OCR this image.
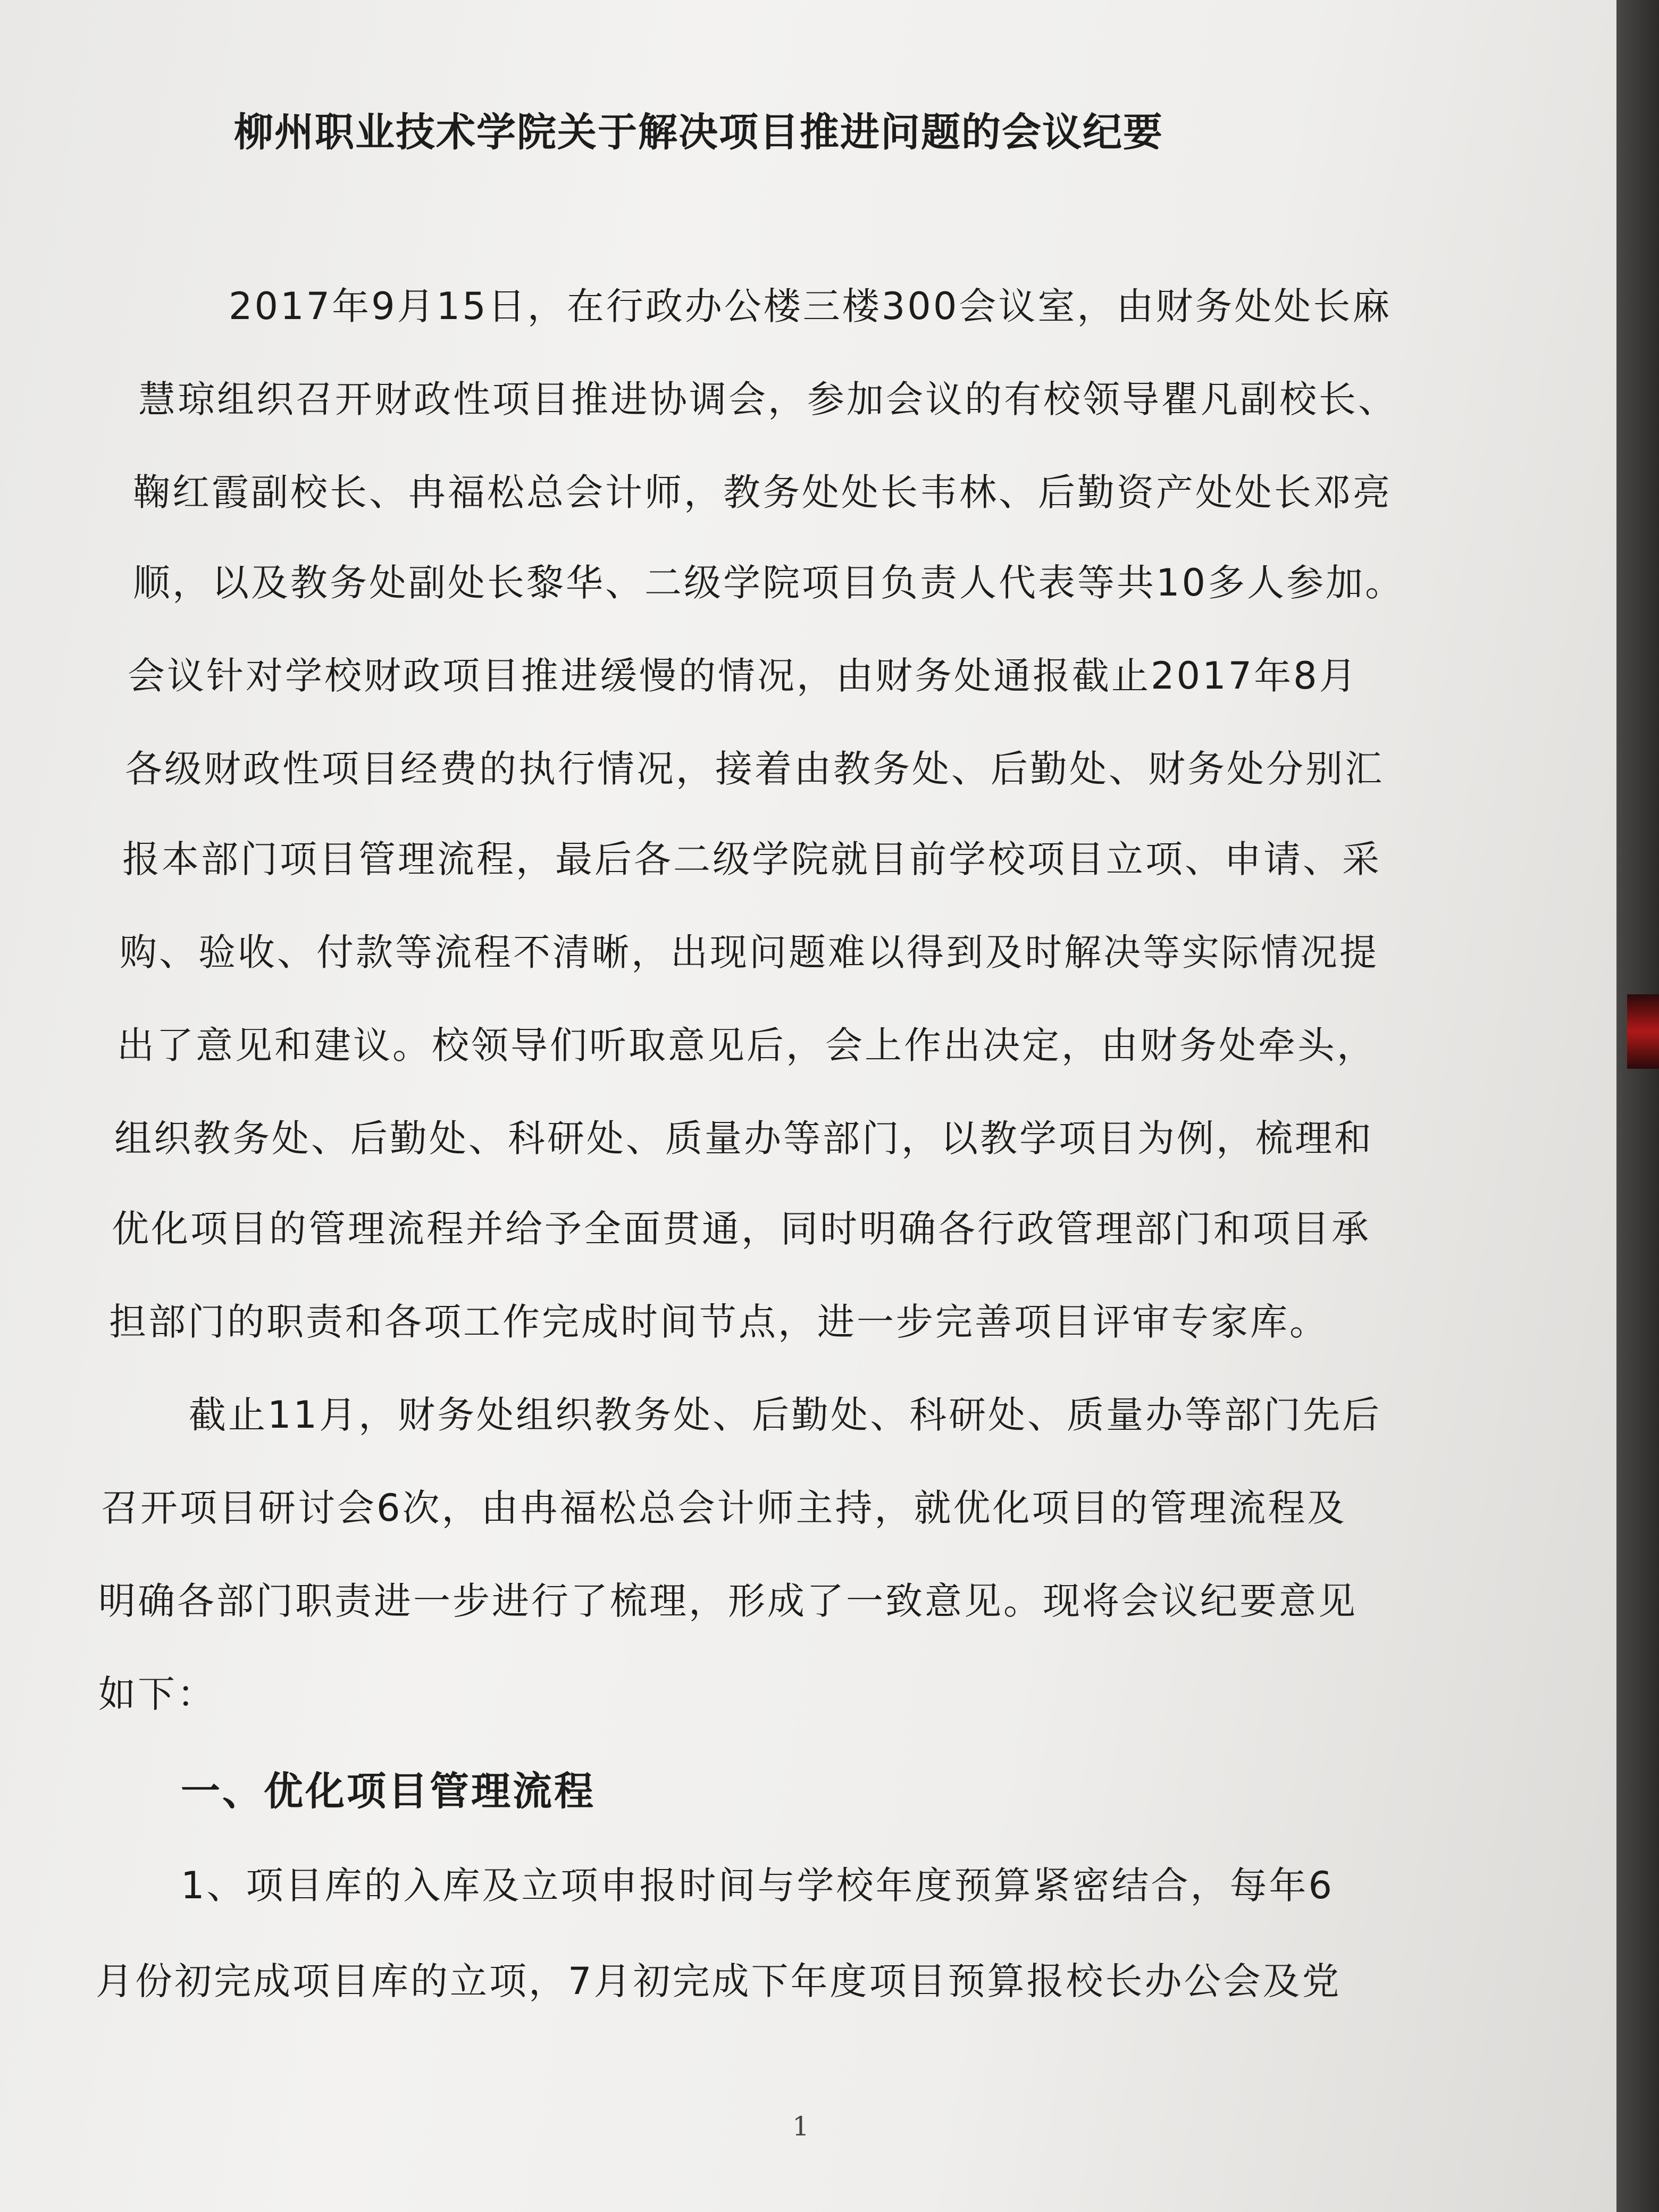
柳州职业技术学院关于解决项目推进问题的会议纪要
2017年9月15日，在行政办公楼三楼300会议室，由财务处处长麻
慧琼组织召开财政性项目推进协调会，参加会议的有校领导瞿凡副校长、
鞠红霞副校长、冉福松总会计师，教务处处长韦林、后勤资产处处长邓亮
顺，以及教务处副处长黎华、二级学院项目负责人代表等共10多人参加。
会议针对学校财政项目推进缓慢的情况，由财务处通报截止2017年8月
各级财政性项目经费的执行情况，接着由教务处、后勤处、财务处分别汇
报本部门项目管理流程，最后各二级学院就目前学校项目立项、申请、采
购、验收、付款等流程不清晰，出现问题难以得到及时解决等实际情况提
出了意见和建议。校领导们听取意见后，会上作出决定，由财务处牵头，
组织教务处、后勤处、科研处、质量办等部门，以教学项目为例，梳理和
优化项目的管理流程并给予全面贯通，同时明确各行政管理部门和项目承
担部门的职责和各项工作完成时间节点，进一步完善项目评审专家库。
截止11月，财务处组织教务处、后勤处、科研处、质量办等部门先后
召开项目研讨会6次，由冉福松总会计师主持，就优化项目的管理流程及
明确各部门职责进一步进行了梳理，形成了一致意见。现将会议纪要意见
如下：
一、优化项目管理流程
1、项目库的入库及立项申报时间与学校年度预算紧密结合，每年6
月份初完成项目库的立项，7月初完成下年度项目预算报校长办公会及党
1
